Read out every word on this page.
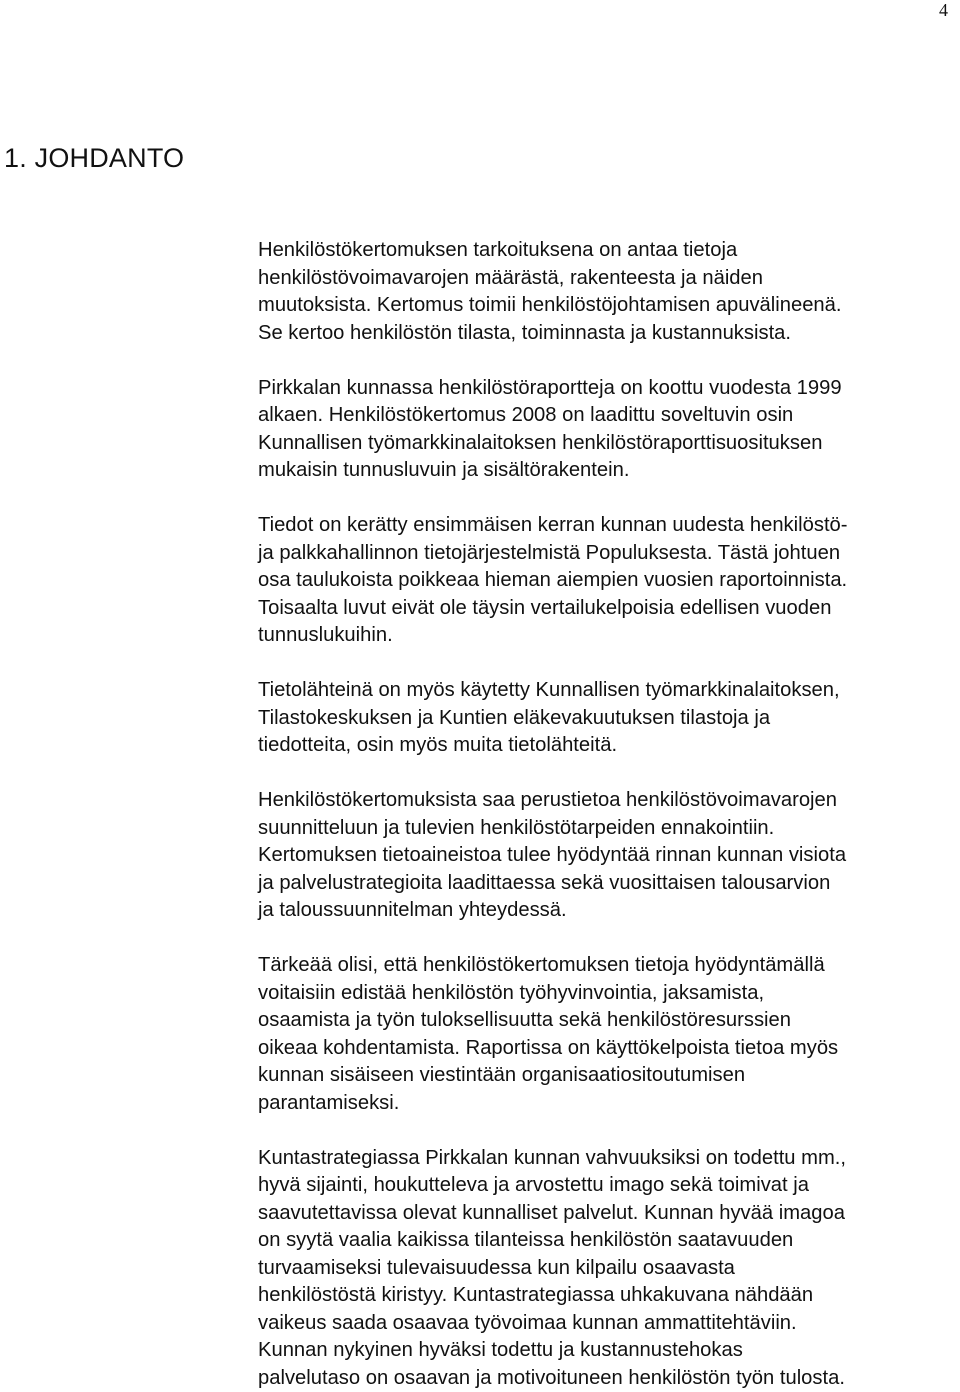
4
1. JOHDANTO

Henkilöstökertomuksen tarkoituksena on antaa tietoja
henkilöstövoimavarojen määrästä, rakenteesta ja näiden
muutoksista. Kertomus toimii henkilöstöjohtamisen apuvälineenä.
Se kertoo henkilöstön tilasta, toiminnasta ja kustannuksista.

Pirkkalan kunnassa henkilöstöraportteja on koottu vuodesta 1999
alkaen. Henkilöstökertomus 2008 on laadittu soveltuvin osin
Kunnallisen työmarkkinalaitoksen henkilöstöraporttisuosituksen
mukaisin tunnusluvuin ja sisältörakentein.

Tiedot on kerätty ensimmäisen kerran kunnan uudesta henkilöstö-
ja palkkahallinnon tietojärjestelmistä Populuksesta. Tästä johtuen
osa taulukoista poikkeaa hieman aiempien vuosien raportoinnista.
Toisaalta luvut eivät ole täysin vertailukelpoisia edellisen vuoden
tunnuslukuihin.

Tietolähteinä on myös käytetty Kunnallisen työmarkkinalaitoksen,
Tilastokeskuksen ja Kuntien eläkevakuutuksen tilastoja ja
tiedotteita, osin myös muita tietolähteitä.

Henkilöstökertomuksista saa perustietoa henkilöstövoimavarojen
suunnitteluun ja tulevien henkilöstötarpeiden ennakointiin.
Kertomuksen tietoaineistoa tulee hyödyntää rinnan kunnan visiota
ja palvelustrategioita laadittaessa sekä vuosittaisen talousarvion
ja taloussuunnitelman yhteydessä.

Tärkeää olisi, että henkilöstökertomuksen tietoja hyödyntämällä
voitaisiin edistää henkilöstön työhyvinvointia, jaksamista,
osaamista ja työn tuloksellisuutta sekä henkilöstöresurssien
oikeaa kohdentamista. Raportissa on käyttökelpoista tietoa myös
kunnan sisäiseen viestintään organisaatiositoutumisen
parantamiseksi.

Kuntastrategiassa Pirkkalan kunnan vahvuuksiksi on todettu mm.,
hyvä sijainti, houkutteleva ja arvostettu imago sekä toimivat ja
saavutettavissa olevat kunnalliset palvelut. Kunnan hyvää imagoa
on syytä vaalia kaikissa tilanteissa henkilöstön saatavuuden
turvaamiseksi tulevaisuudessa kun kilpailu osaavasta
henkilöstöstä kiristyy. Kuntastrategiassa uhkakuvana nähdään
vaikeus saada osaavaa työvoimaa kunnan ammattitehtäviin.
Kunnan nykyinen hyväksi todettu ja kustannustehokas
palvelutaso on osaavan ja motivoituneen henkilöstön työn tulosta.
